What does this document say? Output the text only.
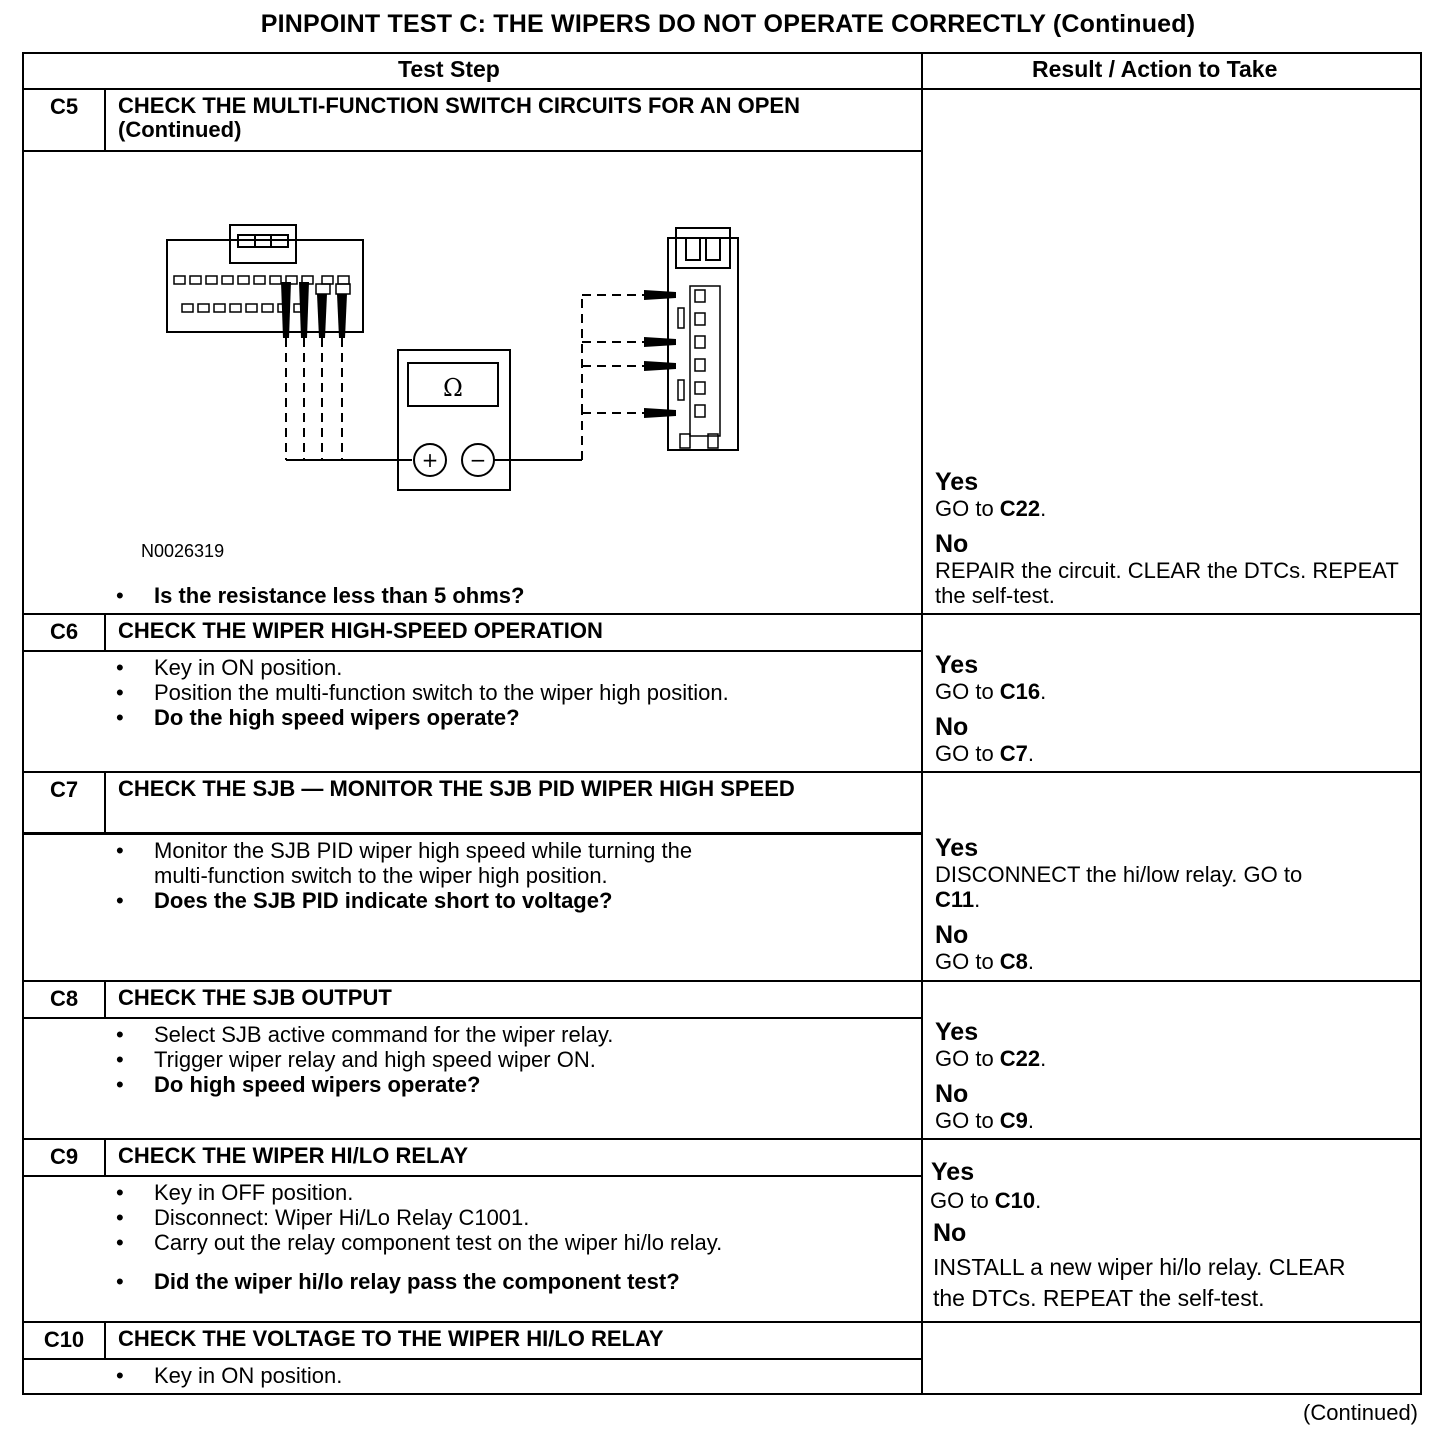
PINPOINT TEST C: THE WIPERS DO NOT OPERATE CORRECTLY (Continued)
Test Step	Result / Action to Take
C5	CHECK THE MULTI-FUNCTION SWITCH CIRCUITS FOR AN OPEN (Continued)
Ω
+ −
N0026319
• Is the resistance less than 5 ohms?
Yes
GO to C22.
No
REPAIR the circuit. CLEAR the DTCs. REPEAT the self-test.
C6	CHECK THE WIPER HIGH-SPEED OPERATION
• Key in ON position.
• Position the multi-function switch to the wiper high position.
• Do the high speed wipers operate?
Yes
GO to C16.
No
GO to C7.
C7	CHECK THE SJB — MONITOR THE SJB PID WIPER HIGH SPEED
• Monitor the SJB PID wiper high speed while turning the
multi-function switch to the wiper high position.
• Does the SJB PID indicate short to voltage?
Yes
DISCONNECT the hi/low relay. GO to
C11.
No
GO to C8.
C8	CHECK THE SJB OUTPUT
• Select SJB active command for the wiper relay.
• Trigger wiper relay and high speed wiper ON.
• Do high speed wipers operate?
Yes
GO to C22.
No
GO to C9.
C9	CHECK THE WIPER HI/LO RELAY
• Key in OFF position.
• Disconnect: Wiper Hi/Lo Relay C1001.
• Carry out the relay component test on the wiper hi/lo relay.
• Did the wiper hi/lo relay pass the component test?
Yes
GO to C10.
No
INSTALL a new wiper hi/lo relay. CLEAR
the DTCs. REPEAT the self-test.
C10	CHECK THE VOLTAGE TO THE WIPER HI/LO RELAY
• Key in ON position.
(Continued)
